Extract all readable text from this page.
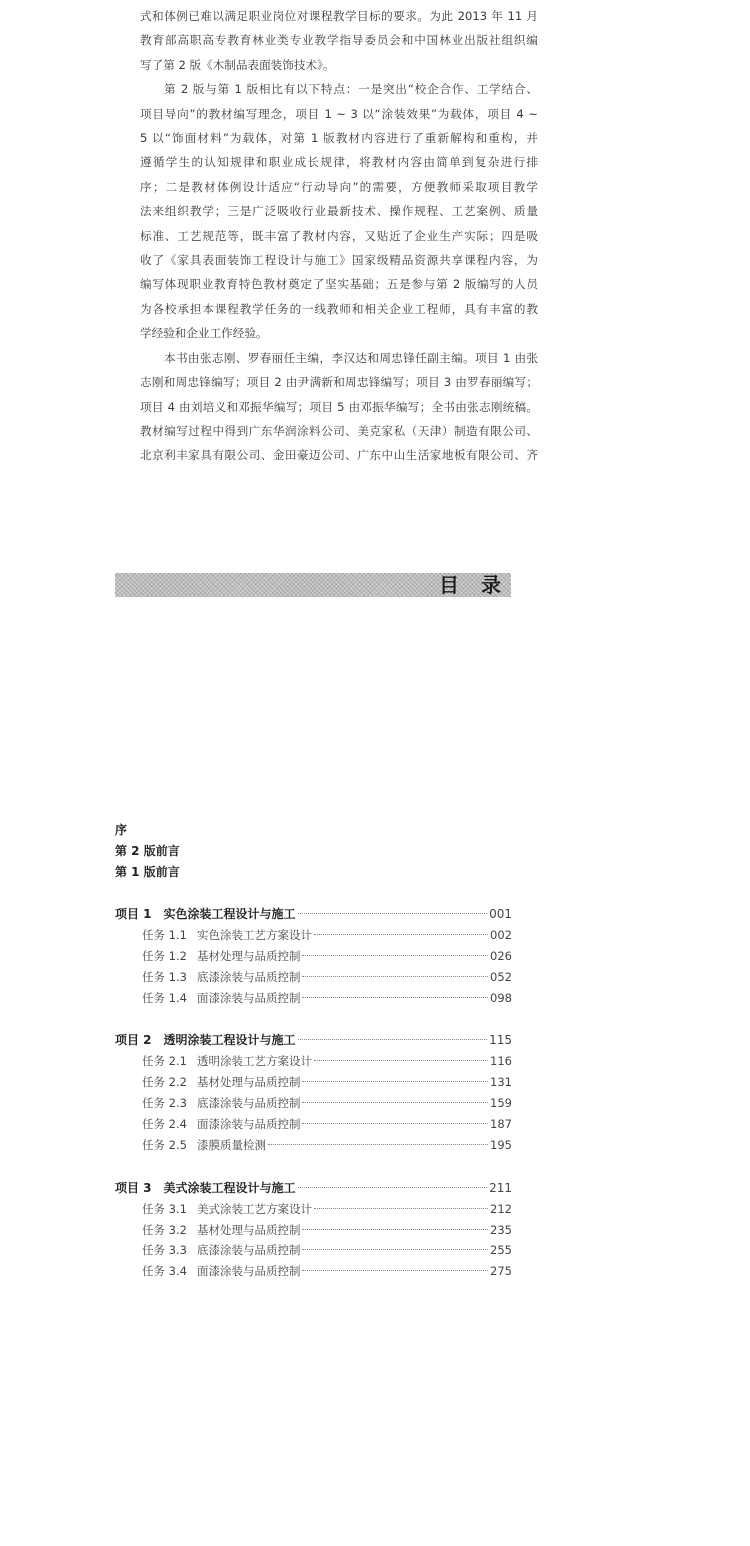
式和体例已难以满足职业岗位对课程教学目标的要求。为此 2013 年 11 月
教育部高职高专教育林业类专业教学指导委员会和中国林业出版社组织编
写了第 2 版《木制品表面装饰技术》。

第 2 版与第 1 版相比有以下特点：一是突出“校企合作、工学结合、
项目导向”的教材编写理念，项目 1 ~ 3 以“涂装效果”为载体，项目 4 ~
5 以“饰面材料”为载体，对第 1 版教材内容进行了重新解构和重构，并
遵循学生的认知规律和职业成长规律，将教材内容由简单到复杂进行排
序；二是教材体例设计适应“行动导向”的需要，方便教师采取项目教学
法来组织教学；三是广泛吸收行业最新技术、操作规程、工艺案例、质量
标准、工艺规范等，既丰富了教材内容，又贴近了企业生产实际；四是吸
收了《家具表面装饰工程设计与施工》国家级精品资源共享课程内容，为
编写体现职业教育特色教材奠定了坚实基础；五是参与第 2 版编写的人员
为各校承担本课程教学任务的一线教师和相关企业工程师，具有丰富的教
学经验和企业工作经验。

本书由张志刚、罗春丽任主编，李汉达和周忠锋任副主编。项目 1 由张
志刚和周忠锋编写；项目 2 由尹满新和周忠锋编写；项目 3 由罗春丽编写；
项目 4 由刘培义和邓振华编写；项目 5 由邓振华编写；全书由张志刚统稿。
教材编写过程中得到广东华润涂料公司、美克家私（天津）制造有限公司、
北京利丰家具有限公司、金田豪迈公司、广东中山生活家地板有限公司、齐

目录
序
第 2 版前言
第 1 版前言
项目 1 实色涂装工程设计与施工	001
任务 1.1 实色涂装工艺方案设计	002
任务 1.2 基材处理与品质控制	026
任务 1.3 底漆涂装与品质控制	052
任务 1.4 面漆涂装与品质控制	098
项目 2 透明涂装工程设计与施工	115
任务 2.1 透明涂装工艺方案设计	116
任务 2.2 基材处理与品质控制	131
任务 2.3 底漆涂装与品质控制	159
任务 2.4 面漆涂装与品质控制	187
任务 2.5 漆膜质量检测	195
项目 3 美式涂装工程设计与施工	211
任务 3.1 美式涂装工艺方案设计	212
任务 3.2 基材处理与品质控制	235
任务 3.3 底漆涂装与品质控制	255
任务 3.4 面漆涂装与品质控制	275
